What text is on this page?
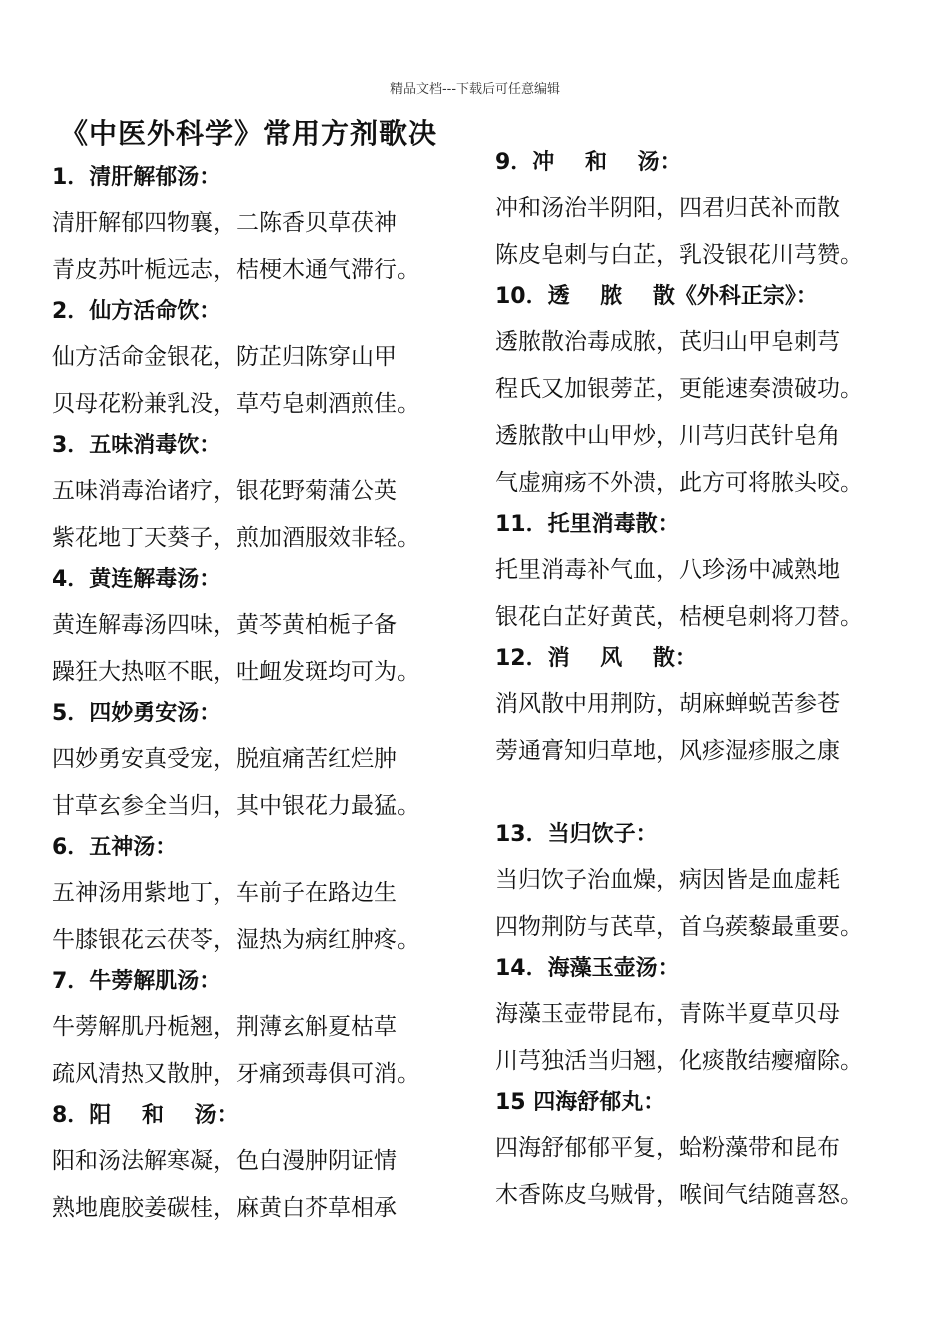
精品文档---下载后可任意编辑
《中医外科学》常用方剂歌决
1．清肝解郁汤：
清肝解郁四物襄，二陈香贝草茯神
青皮苏叶栀远志，桔梗木通气滞行。
2．仙方活命饮：
仙方活命金银花，防芷归陈穿山甲
贝母花粉兼乳没，草芍皂刺酒煎佳。
3．五味消毒饮：
五味消毒治诸疗，银花野菊蒲公英
紫花地丁天葵子，煎加酒服效非轻。
4．黄连解毒汤：
黄连解毒汤四味，黄芩黄柏栀子备
躁狂大热呕不眠，吐衄发斑均可为。
5．四妙勇安汤：
四妙勇安真受宠，脱疽痛苦红烂肿
甘草玄参全当归，其中银花力最猛。
6．五神汤：
五神汤用紫地丁，车前子在路边生
牛膝银花云茯苓，湿热为病红肿疼。
7．牛蒡解肌汤：
牛蒡解肌丹栀翘，荆薄玄斛夏枯草
疏风清热又散肿，牙痛颈毒俱可消。
8．阳    和    汤：
阳和汤法解寒凝，色白漫肿阴证情
熟地鹿胶姜碳桂，麻黄白芥草相承
9．冲    和    汤：
冲和汤治半阴阳，四君归芪补而散
陈皮皂刺与白芷，乳没银花川芎赞。
10．透    脓    散《外科正宗》：
透脓散治毒成脓，芪归山甲皂刺芎
程氏又加银蒡芷，更能速奏溃破功。
透脓散中山甲炒，川芎归芪针皂角
气虚痈疡不外溃，此方可将脓头咬。
11．托里消毒散：
托里消毒补气血，八珍汤中减熟地
银花白芷好黄芪，桔梗皂刺将刀替。
12．消    风    散：
消风散中用荆防，胡麻蝉蜕苦参苍
蒡通膏知归草地，风疹湿疹服之康
13．当归饮子：
当归饮子治血燥，病因皆是血虚耗
四物荆防与芪草，首乌蒺藜最重要。
14．海藻玉壶汤：
海藻玉壶带昆布，青陈半夏草贝母
川芎独活当归翘，化痰散结瘿瘤除。
15 四海舒郁丸：
四海舒郁郁平复，蛤粉藻带和昆布
木香陈皮乌贼骨，喉间气结随喜怒。
